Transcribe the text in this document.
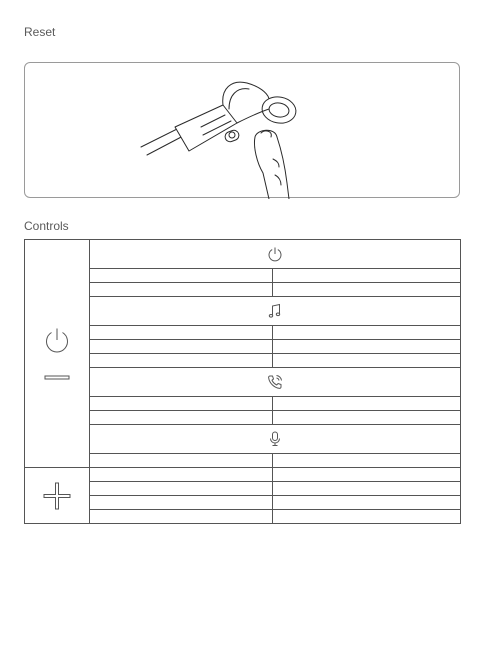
Reset
Controls
